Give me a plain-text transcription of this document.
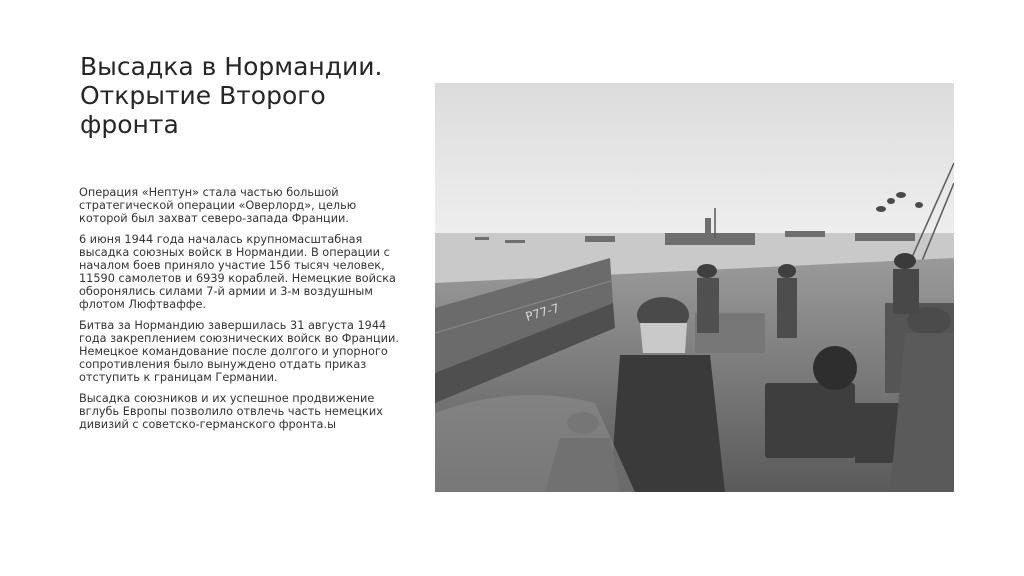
Высадка в Нормандии. Открытие Второго фронта

Операция «Нептун» стала частью большой стратегической операции «Оверлорд», целью которой был захват северо-запада Франции.

6 июня 1944 года началась крупномасштабная высадка союзных войск в Нормандии. В операции с началом боев приняло участие 156 тысяч человек, 11590 самолетов и 6939 кораблей. Немецкие войска оборонялись силами 7-й армии и 3-м воздушным флотом Люфтваффе.

Битва за Нормандию завершилась 31 августа 1944 года закреплением союзнических войск во Франции. Немецкое командование после долгого и упорного сопротивления было вынуждено отдать приказ отступить к границам Германии.

Высадка союзников и их успешное продвижение вглубь Европы позволило отвлечь часть немецких дивизий с советско-германского фронта.ы

P77-7
